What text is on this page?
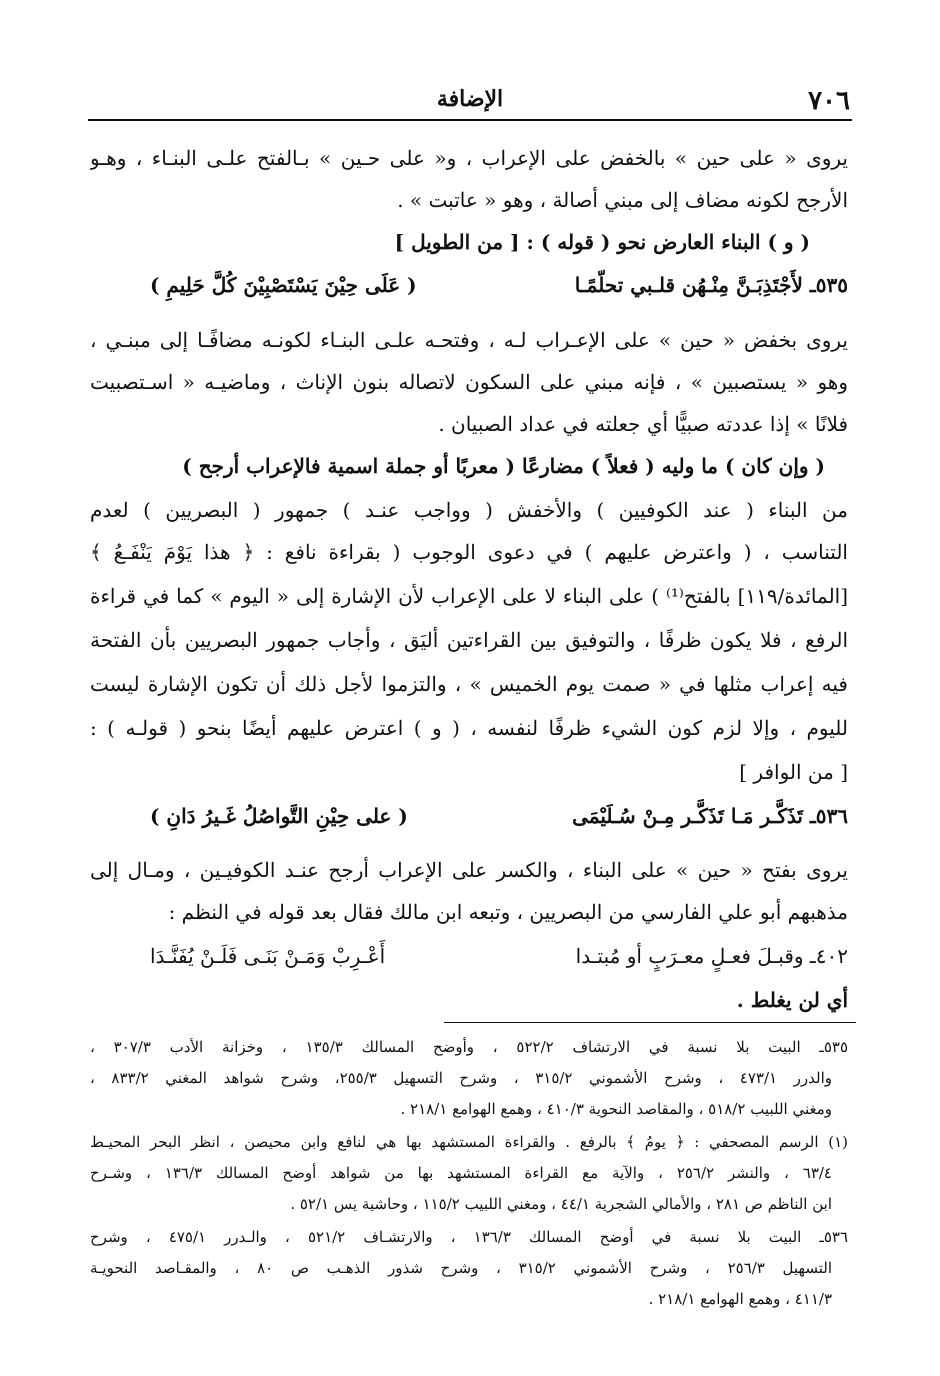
٧٠٦
الإضافة
يروى « على حين » بالخفض على الإعراب ، و« على حـين » بـالفتح علـى البنـاء ، وهـو
الأرجح لكونه مضاف إلى مبني أصالة ، وهو « عاتبت » .
( و ) البناء العارض نحو ( قوله ) : [ من الطويل ]
٥٣٥ـ لأَجْتَذِبَـنَّ مِنْـهُن قلـبي تحلّمًـا
( عَلَى حِيْنَ يَسْتَصْبِيْنَ كُلَّ حَلِيمِ )
يروى بخفض « حين » على الإعـراب لـه ، وفتحـه علـى البنـاء لكونـه مضافًـا إلى مبنـي ،
وهو « يستصبين » ، فإنه مبني على السكون لاتصاله بنون الإناث ، وماضيـه « اسـتصبيت
فلانًا » إذا عددته صبيًّا أي جعلته في عداد الصبيان .
( وإن كان ) ما وليه ( فعلاً ) مضارعًا ( معربًا أو جملة اسمية فالإعراب أرجح )
من البناء ( عند الكوفيين ) والأخفش ( وواجب عنـد ) جمهور ( البصريين ) لعدم
التناسب ، ( واعترض عليهم ) في دعوى الوجوب ( بقراءة نافع : ﴿ هذا يَوْمَ يَنْفَـعُ ﴾
[المائدة/١١٩] بالفتح⁽¹⁾ ) على البناء لا على الإعراب لأن الإشارة إلى « اليوم » كما في قراءة
الرفع ، فلا يكون ظرفًا ، والتوفيق بين القراءتين أليَق ، وأجاب جمهور البصريين بأن الفتحة
فيه إعراب مثلها في « صمت يوم الخميس » ، والتزموا لأجل ذلك أن تكون الإشارة ليست
لليوم ، وإلا لزم كون الشيء ظرفًا لنفسه ، ( و ) اعترض عليهم أيضًا بنحو ( قولـه ) :
[ من الوافر ]
٥٣٦ـ تَذَكَّـر مَـا تَذَكَّـر مِـنْ سُـلَيْمَى
( على حِيْنِ التَّواصُلُ غَـيرُ دَانِ )
يروى بفتح « حين » على البناء ، والكسر على الإعراب أرجح عنـد الكوفيـين ، ومـال إلى
مذهبهم أبو علي الفارسي من البصريين ، وتبعه ابن مالك فقال بعد قوله في النظم :
٤٠٢ـ وقبـلَ فعـلٍ معـرَبٍ أو مُبتـدا
أَعْـرِبْ وَمَـنْ بَنَـى فَلَـنْ يُفَنَّـدَا
أي لن يغلط .
٥٣٥ـ البيت بلا نسبة في الارتشاف ٥٢٢/٢ ، وأوضح المسالك ١٣٥/٣ ، وخزانة الأدب ٣٠٧/٣ ،
والدرر ٤٧٣/١ ، وشرح الأشموني ٣١٥/٢ ، وشرح التسهيل ٢٥٥/٣، وشرح شواهد المغني ٨٣٣/٢ ،
ومغني اللبيب ٥١٨/٢ ، والمقاصد النحوية ٤١٠/٣ ، وهمع الهوامع ٢١٨/١ .
(١) الرسم المصحفي : ﴿ يومُ ﴾ بالرفع . والقراءة المستشهد بها هي لنافع وابن محيصن ، انظر البحر المحيـط
٦٣/٤ ، والنشر ٢٥٦/٢ ، والآية مع القراءة المستشهد بها من شواهد أوضح المسالك ١٣٦/٣ ، وشـرح
ابن الناظم ص ٢٨١ ، والأمالي الشجرية ٤٤/١ ، ومغني اللبيب ١١٥/٢ ، وحاشية يس ٥٢/١ .
٥٣٦ـ البيت بلا نسبة في أوضح المسالك ١٣٦/٣ ، والارتشـاف ٥٢١/٢ ، والـدرر ٤٧٥/١ ، وشرح
التسهيل ٢٥٦/٣ ، وشرح الأشموني ٣١٥/٢ ، وشرح شذور الذهـب ص ٨٠ ، والمقـاصد النحويـة
٤١١/٣ ، وهمع الهوامع ٢١٨/١ .
